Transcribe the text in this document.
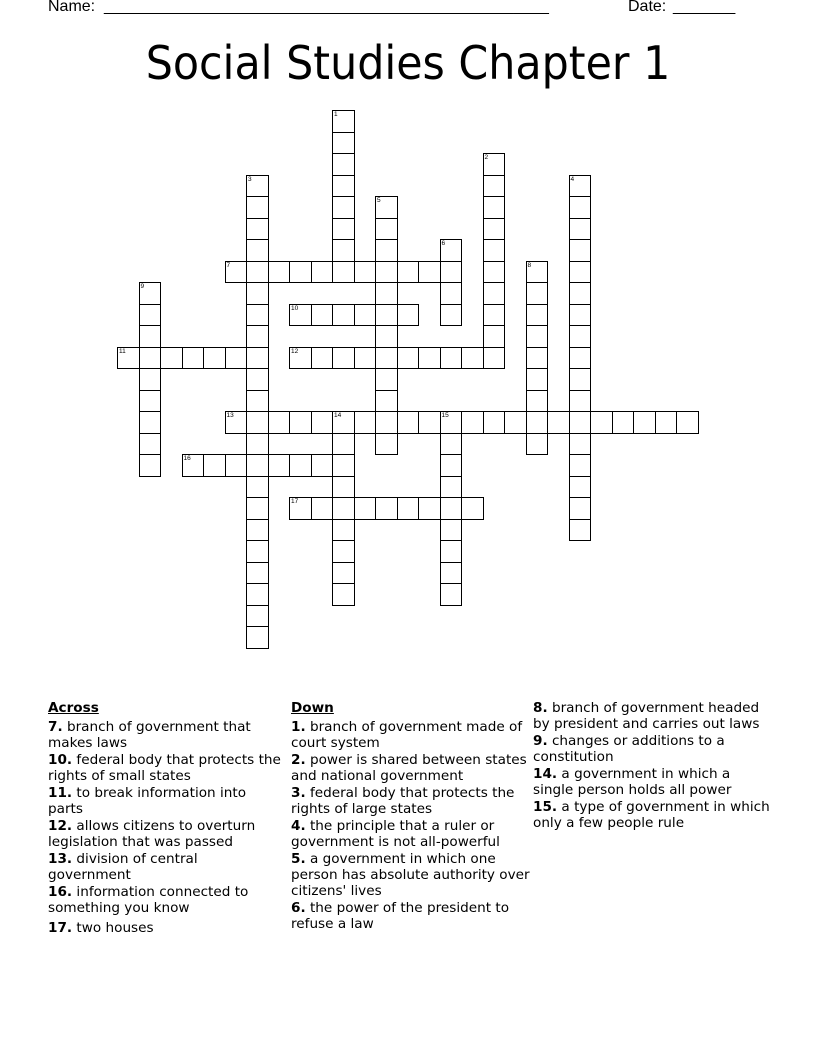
Name: __________________________________________________	Date: _______
Social Studies Chapter 1
1
2
3	4
5
6
7	8
9
10
11	12
13	14	15
16
17
Across
7. branch of government that makes laws
10. federal body that protects the rights of small states
11. to break information into parts
12. allows citizens to overturn legislation that was passed
13. division of central government
16. information connected to something you know
17. two houses
Down
1. branch of government made of court system
2. power is shared between states and national government
3. federal body that protects the rights of large states
4. the principle that a ruler or government is not all-powerful
5. a government in which one person has absolute authority over citizens' lives
6. the power of the president to refuse a law
8. branch of government headed by president and carries out laws
9. changes or additions to a constitution
14. a government in which a single person holds all power
15. a type of government in which only a few people rule
